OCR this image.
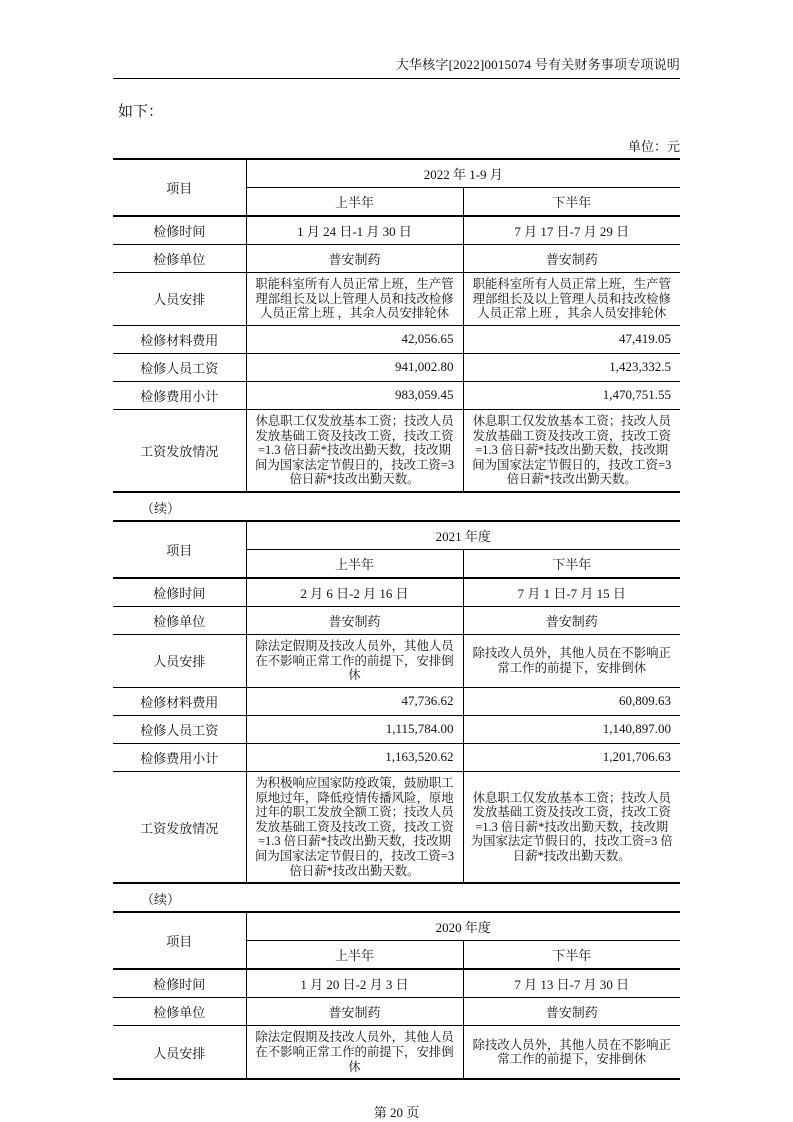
大华核字[2022]0015074 号有关财务事项专项说明
如下：
单位：元
项目	2022 年 1-9 月	
	上半年	下半年
检修时间	1 月 24 日-1 月 30 日	7 月 17 日-7 月 29 日
检修单位	普安制药	普安制药
人员安排	职能科室所有人员正常上班，生产管理部组长及以上管理人员和技改检修人员正常上班 ，其余人员安排轮休	职能科室所有人员正常上班，生产管理部组长及以上管理人员和技改检修人员正常上班 ，其余人员安排轮休
检修材料费用	42,056.65	47,419.05
检修人员工资	941,002.80	1,423,332.5
检修费用小计	983,059.45	1,470,751.55
工资发放情况	休息职工仅发放基本工资；技改人员发放基础工资及技改工资，技改工资=1.3 倍日薪*技改出勤天数，技改期间为国家法定节假日的，技改工资=3 倍日薪*技改出勤天数。	休息职工仅发放基本工资；技改人员发放基础工资及技改工资，技改工资=1.3 倍日薪*技改出勤天数，技改期间为国家法定节假日的，技改工资=3 倍日薪*技改出勤天数。
（续）
项目	2021 年度	
	上半年	下半年
检修时间	2 月 6 日-2 月 16 日	7 月 1 日-7 月 15 日
检修单位	普安制药	普安制药
人员安排	除法定假期及技改人员外，其他人员在不影响正常工作的前提下，安排倒休	除技改人员外，其他人员在不影响正常工作的前提下，安排倒休
检修材料费用	47,736.62	60,809.63
检修人员工资	1,115,784.00	1,140,897.00
检修费用小计	1,163,520.62	1,201,706.63
工资发放情况	为积极响应国家防疫政策，鼓励职工原地过年，降低疫情传播风险，原地过年的职工发放全额工资；技改人员发放基础工资及技改工资，技改工资=1.3 倍日薪*技改出勤天数，技改期间为国家法定节假日的，技改工资=3 倍日薪*技改出勤天数。	休息职工仅发放基本工资；技改人员发放基础工资及技改工资，技改工资=1.3 倍日薪*技改出勤天数，技改期为国家法定节假日的，技改工资=3 倍日薪*技改出勤天数。
（续）
项目	2020 年度	
	上半年	下半年
检修时间	1 月 20 日-2 月 3 日	7 月 13 日-7 月 30 日
检修单位	普安制药	普安制药
人员安排	除法定假期及技改人员外，其他人员在不影响正常工作的前提下，安排倒休	除技改人员外，其他人员在不影响正常工作的前提下，安排倒休
第 20 页
